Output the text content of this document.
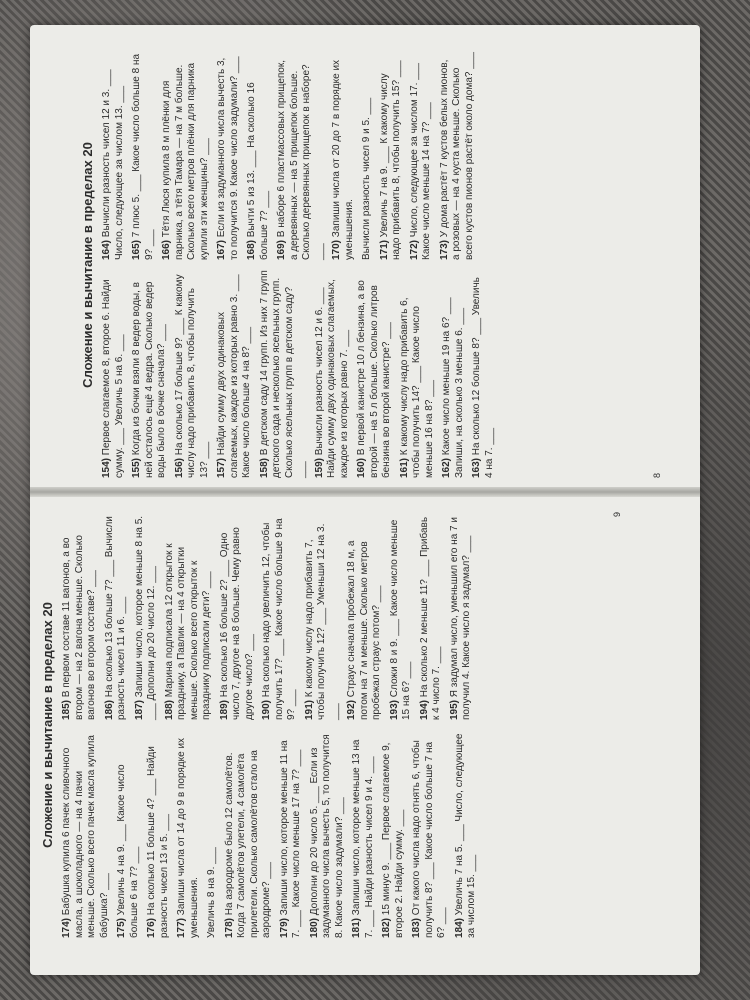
Сложение и вычитание в пределах 20
154) Первое слагаемое 8, второе 6. Найди сумму. ___ Увеличь 5 на 6. ___ 155) Когда из бочки взяли 8 ведер воды, в ней осталось ещё 4 ведра. Сколько ведер воды было в бочке сначала? ___ 156) На сколько 17 больше 9? ___ К какому числу надо прибавить 8, чтобы получить 13? ___ 157) Найди сумму двух одинаковых слагаемых, каждое из которых равно 3. ___ Какое число больше 4 на 8? ___ 158) В детском саду 14 групп. Из них 7 групп детского сада и несколько ясельных групп. Сколько ясельных групп в детском саду? ___ 159) Вычисли разность чисел 12 и 6. ___ Найди сумму двух одинаковых слагаемых, каждое из которых равно 7. ___ 160) В первой канистре 10 л бензина, а во второй — на 5 л больше. Сколько литров бензина во второй канистре? ___ 161) К какому числу надо прибавить 6, чтобы получить 14? ___ Какое число меньше 16 на 8? ___ 162) Какое число меньше 19 на 6? ___ Запиши, на сколько 3 меньше 6. ___ 163) На сколько 12 больше 8? ___ Увеличь 4 на 7. ___
164) Вычисли разность чисел 12 и 3. ___ Число, следующее за числом 13. ___ 165) 7 плюс 5. ___ Какое число больше 8 на 9? ___ 166) Тётя Люся купила 8 м плёнки для парника, а тётя Тамара — на 7 м больше. Сколько всего метров плёнки для парника купили эти женщины? ___ 167) Если из задуманного числа вычесть 3, то получится 9. Какое число задумали? ___ 168) Вычти 5 из 13. ___ На сколько 16 больше 7? ___ 169) В наборе 6 пластмассовых прищепок, а деревянных — на 5 прищепок больше. Сколько деревянных прищепок в наборе? ___ 170) Запиши числа от 20 до 7 в порядке их уменьшения. Вычисли разность чисел 9 и 5. ___ 171) Увеличь 7 на 9. ___ К какому числу надо прибавить 8, чтобы получить 15? ___ 172) Число, следующее за числом 17. ___ Какое число меньше 14 на 7? ___ 173) У дома растёт 7 кустов белых пионов, а розовых — на 4 куста меньше. Сколько всего кустов пионов растёт около дома? ___
8
Сложение и вычитание в пределах 20
174) Бабушка купила 6 пачек сливочного масла, а шоколадного — на 4 пачки меньше. Сколько всего пачек масла купила бабушка? ___ 175) Увеличь 4 на 9. ___ Какое число больше 6 на 7? ___ 176) На сколько 11 больше 4? ___ Найди разность чисел 13 и 5. ___ 177) Запиши числа от 14 до 9 в порядке их уменьшения. Увеличь 8 на 9. ___ 178) На аэродроме было 12 самолётов. Когда 7 самолётов улетели, 4 самолёта прилетели. Сколько самолётов стало на аэродроме? ___ 179) Запиши число, которое меньше 11 на 7. ___ Какое число меньше 17 на 7? ___ 180) Дополни до 20 число 5. ___ Если из задуманного числа вычесть 5, то получится 8. Какое число задумали? ___ 181) Запиши число, которое меньше 13 на 7. ___ Найди разность чисел 9 и 4. ___ 182) 15 минус 9. ___ Первое слагаемое 9, второе 2. Найди сумму. ___ 183) От какого числа надо отнять 6, чтобы получить 8? ___ Какое число больше 7 на 6? ___ 184) Увеличь 7 на 5. ___ Число, следующее за числом 15. ___
185) В первом составе 11 вагонов, а во втором — на 2 вагона меньше. Сколько вагонов во втором составе? ___ 186) На сколько 13 больше 7? ___ Вычисли разность чисел 11 и 6. ___ 187) Запиши число, которое меньше 8 на 5. ___ Дополни до 20 число 12. ___ 188) Марина подписала 12 открыток к празднику, а Павлик — на 4 открытки меньше. Сколько всего открыток к празднику подписали дети? ___ 189) На сколько 16 больше 2? ___ Одно число 7, другое на 8 больше. Чему равно другое число? ___ 190) На сколько надо увеличить 12, чтобы получить 17? ___ Какое число больше 9 на 9? ___ 191) К какому числу надо прибавить 7, чтобы получить 12? ___ Уменьши 12 на 3. ___ 192) Страус сначала пробежал 18 м, а потом на 7 м меньше. Сколько метров пробежал страус потом? ___ 193) Сложи 8 и 9. ___ Какое число меньше 15 на 6? ___ 194) На сколько 2 меньше 11? ___ Прибавь к 4 число 7. ___ 195) Я задумал число, уменьшил его на 7 и получил 4. Какое число я задумал? ___
9
